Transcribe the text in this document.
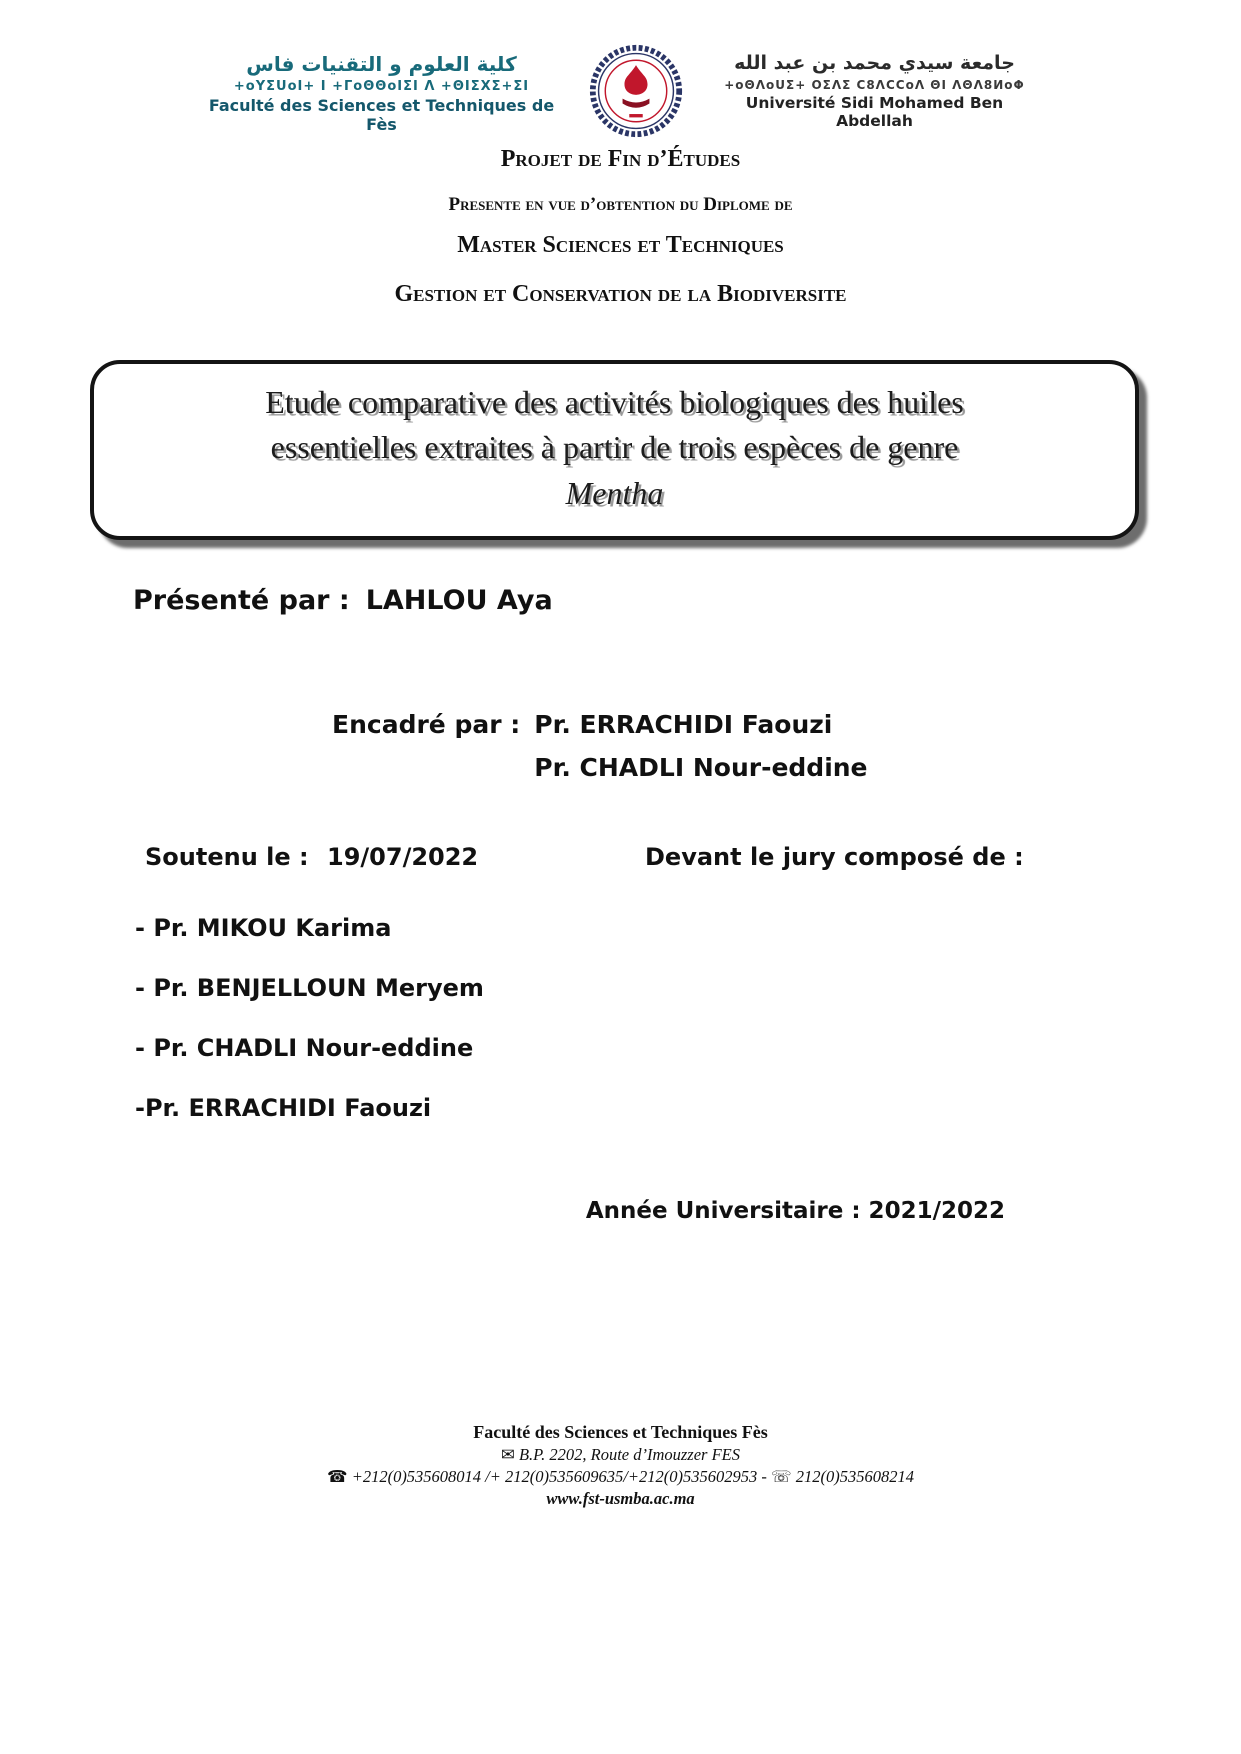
كلية العلوم و التقنيات فاس
+oYΣUoI+ I +ΓoΘΘoIΣI Λ +ΘIΣXΣ+ΣI
Faculté des Sciences et Techniques de Fès
جامعة سيدي محمد بن عبد الله
+oΘΛoUΣ+ OΣΛΣ C8ΛCCoΛ ΘI ΛΘΛ8ИoΦ
Université Sidi Mohamed Ben Abdellah
Projet de Fin d’Études
Presente en vue d’obtention du Diplome de
Master Sciences et Techniques
Gestion et Conservation de la Biodiversite
Etude comparative des activités biologiques des huiles
essentielles extraites à partir de trois espèces de genre
Mentha
Présenté par : LAHLOU Aya
Encadré par : Pr. ERRACHIDI Faouzi
Pr. CHADLI Nour-eddine
Soutenu le : 19/07/2022	Devant le jury composé de :
- Pr. MIKOU Karima
- Pr. BENJELLOUN Meryem
- Pr. CHADLI Nour-eddine
-Pr. ERRACHIDI Faouzi
Année Universitaire : 2021/2022
Faculté des Sciences et Techniques Fès
✉ B.P. 2202, Route d’Imouzzer FES
☎ +212(0)535608014 /+ 212(0)535609635/+212(0)535602953 - ☏ 212(0)535608214
www.fst-usmba.ac.ma
